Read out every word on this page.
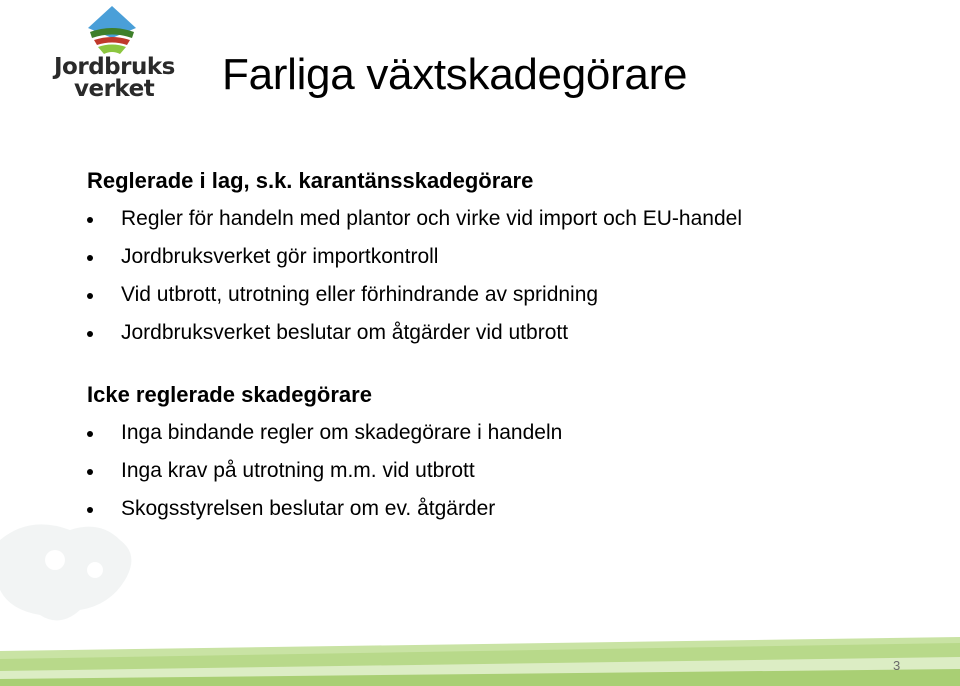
Jordbruks
verket	Farliga växtskadegörare
Reglerade i lag, s.k. karantänsskadegörare
Regler för handeln med plantor och virke vid import och EU-handel
Jordbruksverket gör importkontroll
Vid utbrott, utrotning eller förhindrande av spridning
Jordbruksverket beslutar om åtgärder vid utbrott
Icke reglerade skadegörare
Inga bindande regler om skadegörare i handeln
Inga krav på utrotning m.m. vid utbrott
Skogsstyrelsen beslutar om ev. åtgärder
3
